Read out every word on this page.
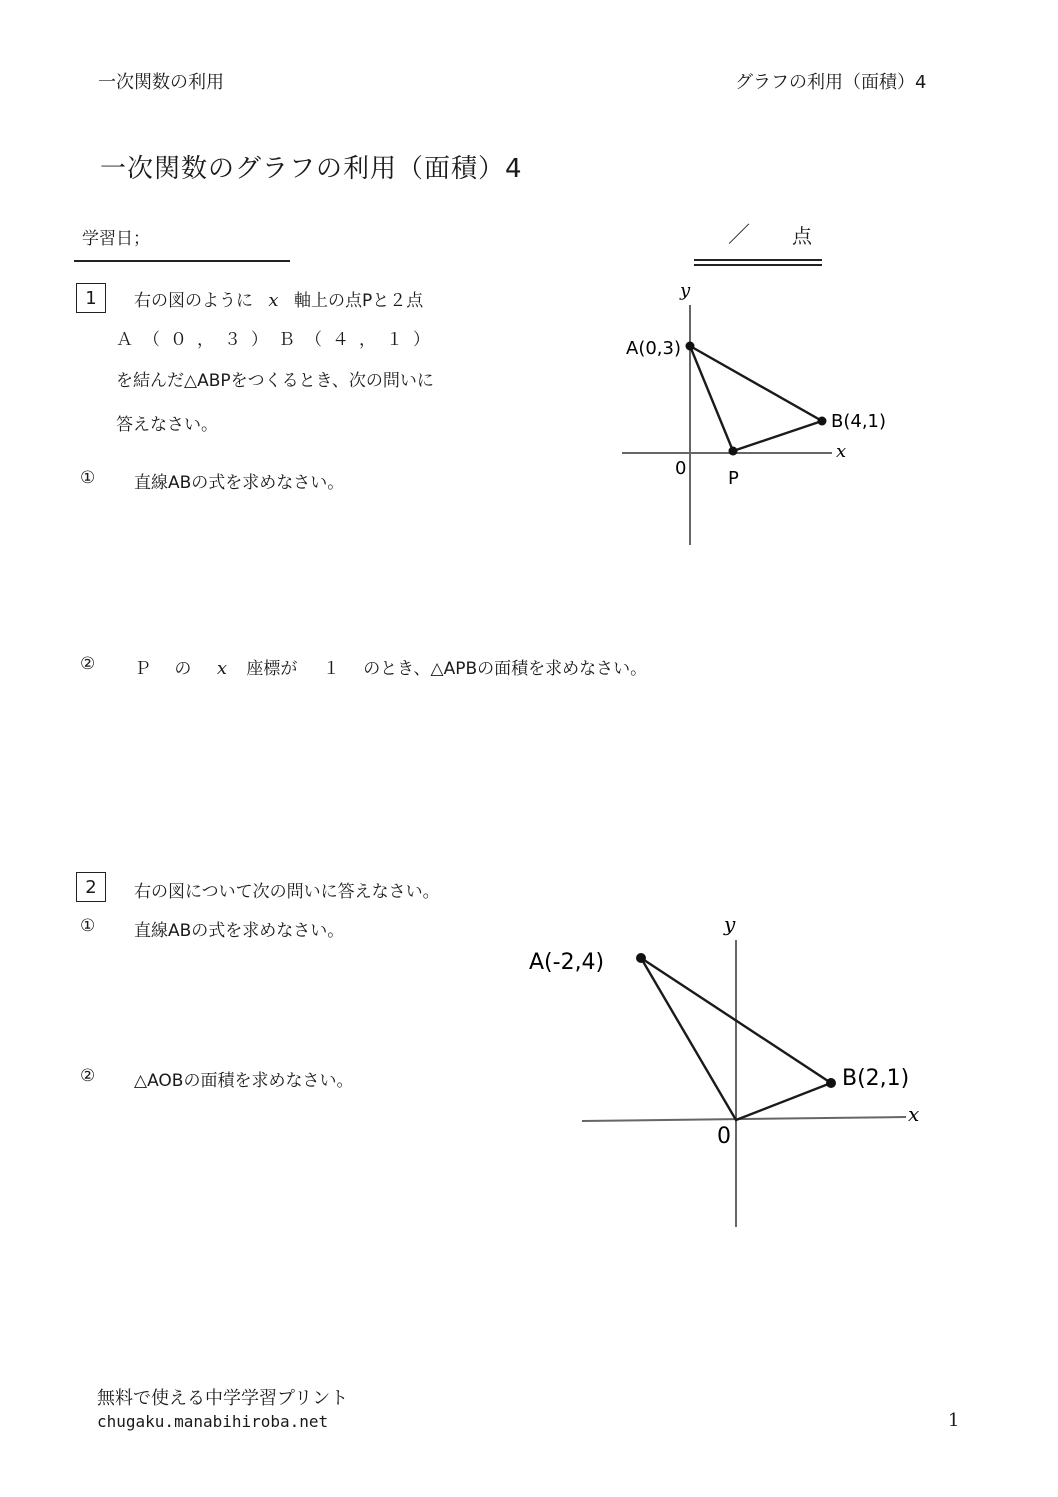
一次関数の利用	グラフの利用（面積）4
一次関数のグラフの利用（面積）4
学習日；	／ 点
1	右の図のように x 軸上の点Pと２点
Ａ（０，３）Ｂ（４，１）
を結んだ△ABPをつくるとき、次の問いに
答えなさい。
① 直線ABの式を求めなさい。
② Ｐ の x 座標が １ のとき、△APBの面積を求めなさい。
y
x
0
A(0,3)
B(4,1)
P
2	右の図について次の問いに答えなさい。
① 直線ABの式を求めなさい。
② △AOBの面積を求めなさい。
y
x
0
A(-2,4)
B(2,1)
無料で使える中学学習プリント
chugaku.manabihiroba.net	1
